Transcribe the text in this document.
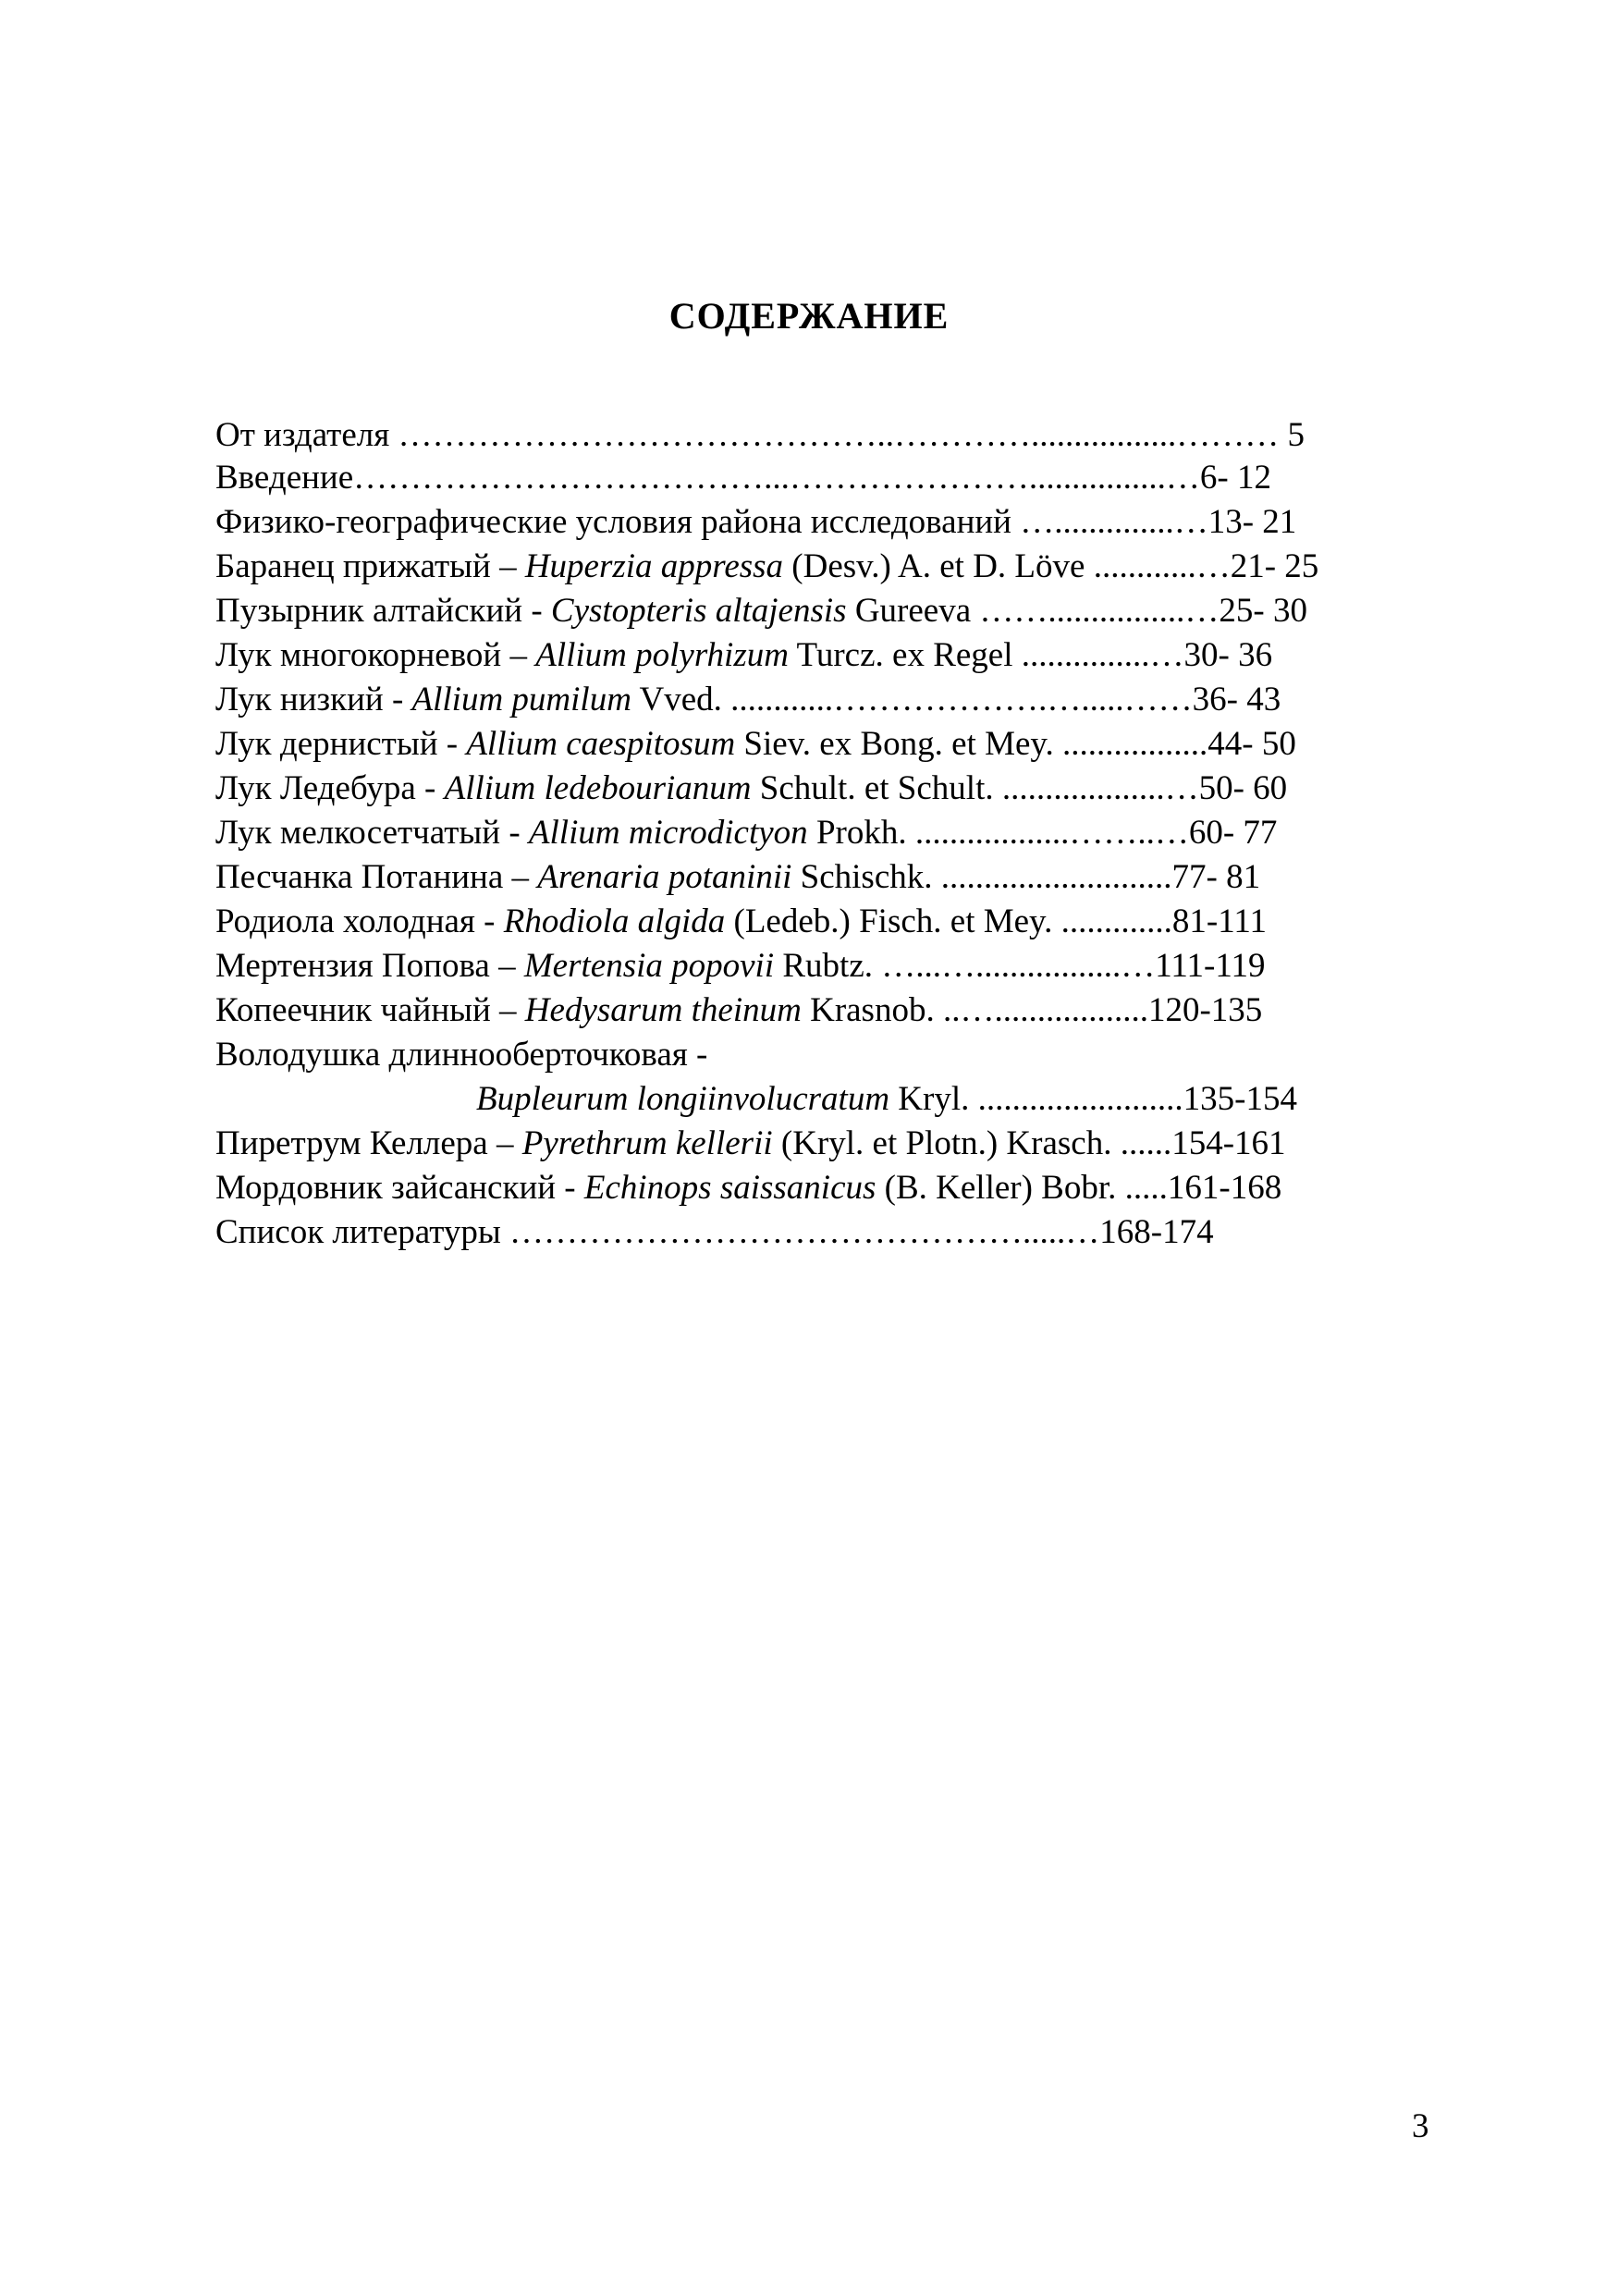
СОДЕРЖАНИЕ
От издателя ……………………………………..………….................……… 5
Введение………………………………...…………………................…6- 12
Физико-географические условия района исследований …..............…13- 21
Баранец прижатый – Huperzia appressa (Desv.) A. et D. Löve ............…21- 25
Пузырник алтайский - Cystopteris altajensis Gureeva ……................…25- 30
Лук многокорневой – Allium polyrhizum Turcz. ex Regel ...............…30- 36
Лук низкий - Allium pumilum Vved. ............……………….….....……36- 43
Лук дернистый - Allium caespitosum Siev. ex Bong. et Mey. .................44- 50
Лук Ледебура - Allium ledebourianum Schult. et Schult. ...................…50- 60
Лук мелкосетчатый - Allium microdictyon Prokh. ..................……..…60- 77
Песчанка Потанина – Arenaria potaninii Schischk. ...........................77- 81
Родиола холодная - Rhodiola algida (Ledeb.) Fisch. et Mey. .............81-111
Мертензия Попова – Mertensia popovii Rubtz. …...….................…111-119
Копеечник чайный – Hedysarum theinum Krasnob. ..…..................120-135
Володушка длиннооберточковая -
Bupleurum longiinvolucratum Kryl. ........................135-154
Пиретрум Келлера – Pyrethrum kellerii (Kryl. et Plotn.) Krasch. ......154-161
Мордовник зайсанский - Echinops saissanicus (B. Keller) Bobr. .....161-168
Список литературы ……………………………………….....…168-174
3
